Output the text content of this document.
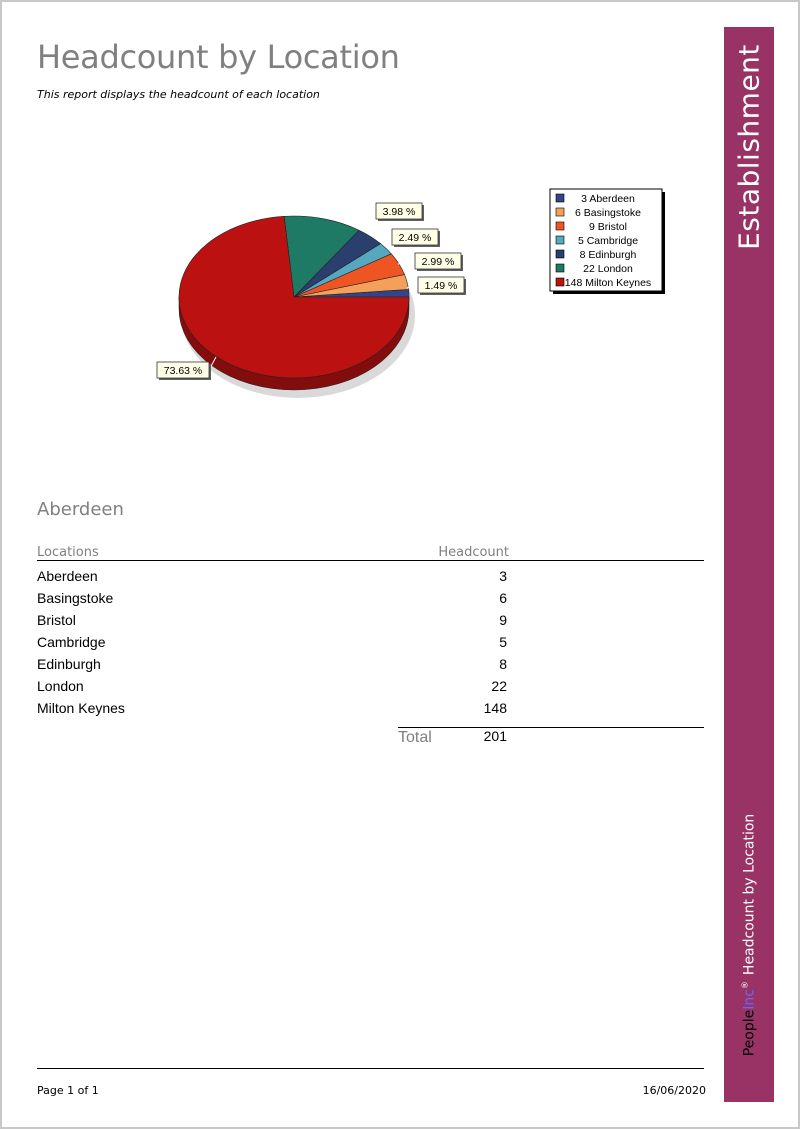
Headcount by Location
This report displays the headcount of each location
3.98 %
2.49 %
2.99 %
1.49 %
73.63 %
3 Aberdeen
6 Basingstoke
9 Bristol
5 Cambridge
8 Edinburgh
22 London
148 Milton Keynes
Aberdeen
Locations	Headcount
Aberdeen	3
Basingstoke	6
Bristol	9
Cambridge	5
Edinburgh	8
London	22
Milton Keynes	148
Total	201
Page 1 of 1	16/06/2020
Establishment
PeopleInc®Headcount by Location
